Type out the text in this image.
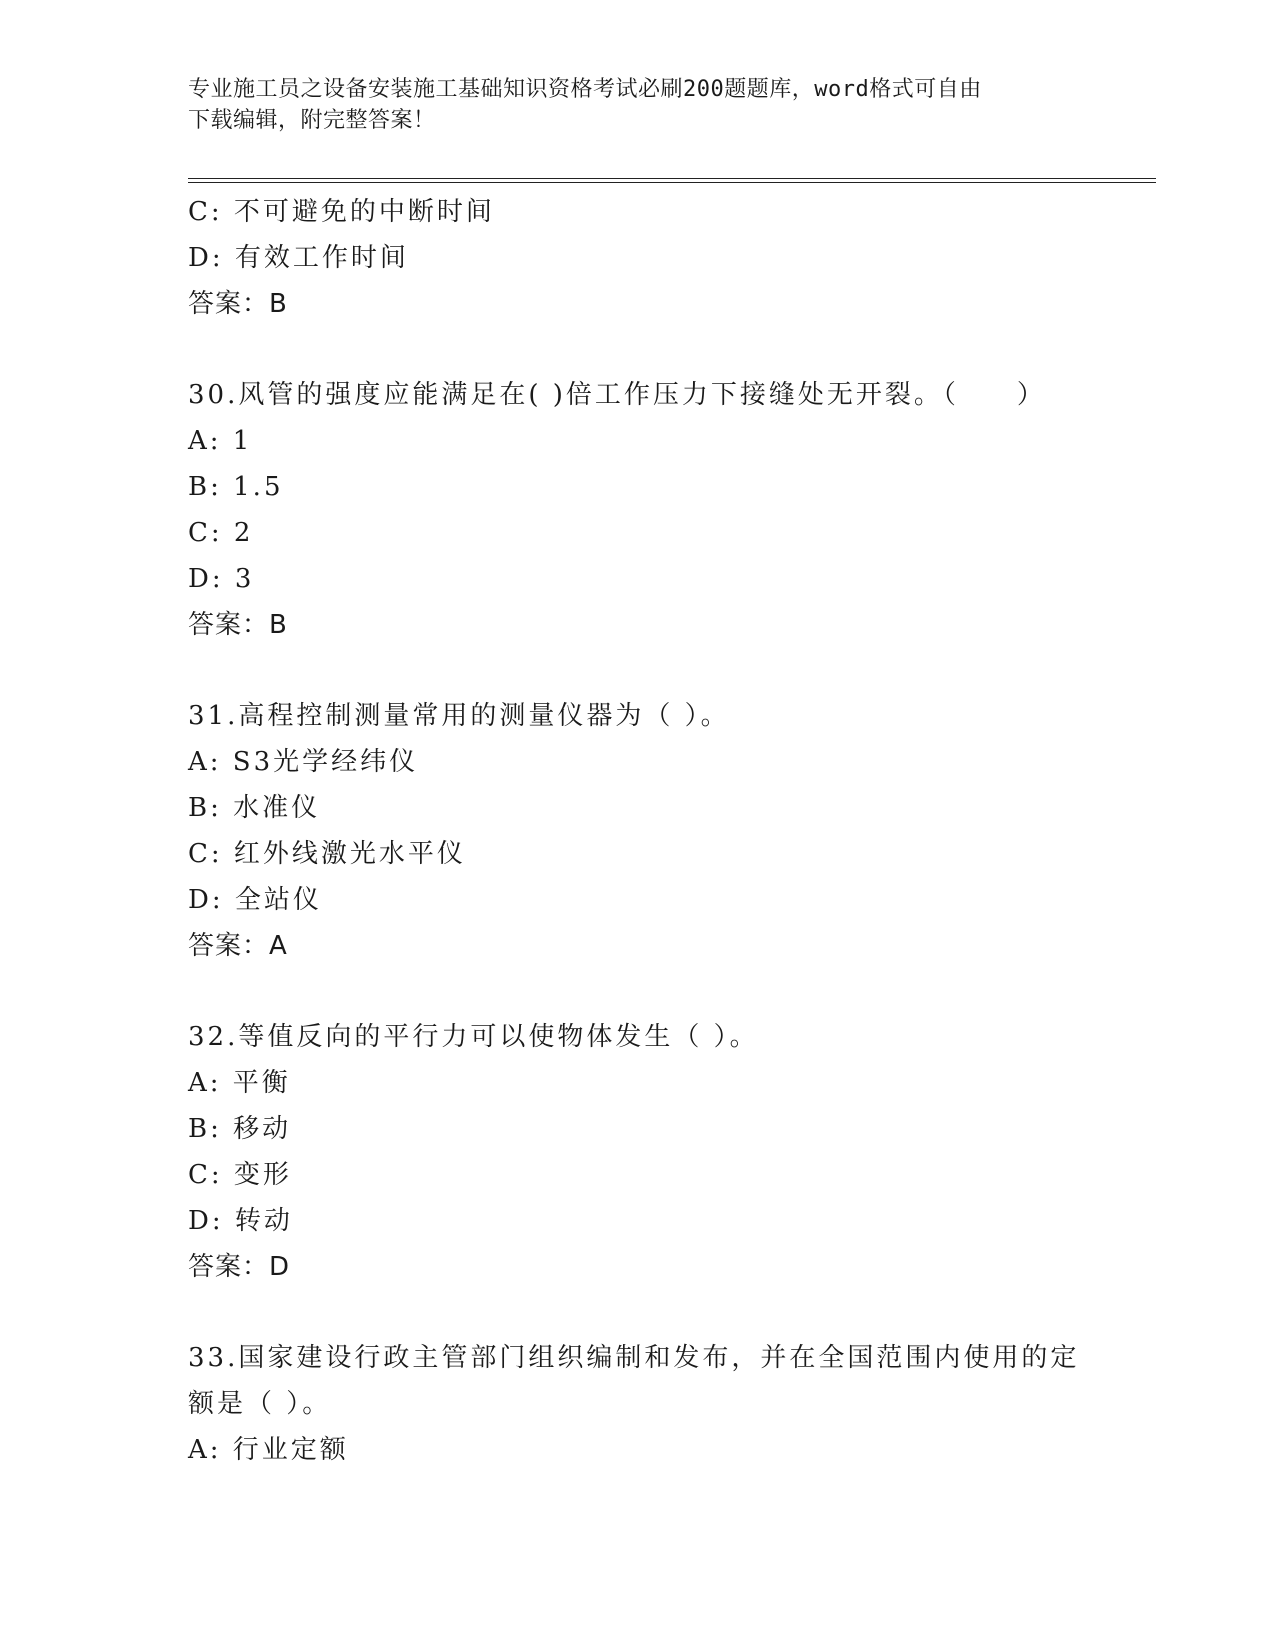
专业施工员之设备安装施工基础知识资格考试必刷200题题库，word格式可自由
下载编辑，附完整答案！
C: 不可避免的中断时间
D: 有效工作时间
答案：B
30.风管的强度应能满足在( )倍工作压力下接缝处无开裂。（　　）
A: 1
B: 1.5
C: 2
D: 3
答案：B
31.高程控制测量常用的测量仪器为（ ）。
A: S3光学经纬仪
B: 水准仪
C: 红外线激光水平仪
D: 全站仪
答案：A
32.等值反向的平行力可以使物体发生（ ）。
A: 平衡
B: 移动
C: 变形
D: 转动
答案：D
33.国家建设行政主管部门组织编制和发布，并在全国范围内使用的定额是（ ）。
A: 行业定额
